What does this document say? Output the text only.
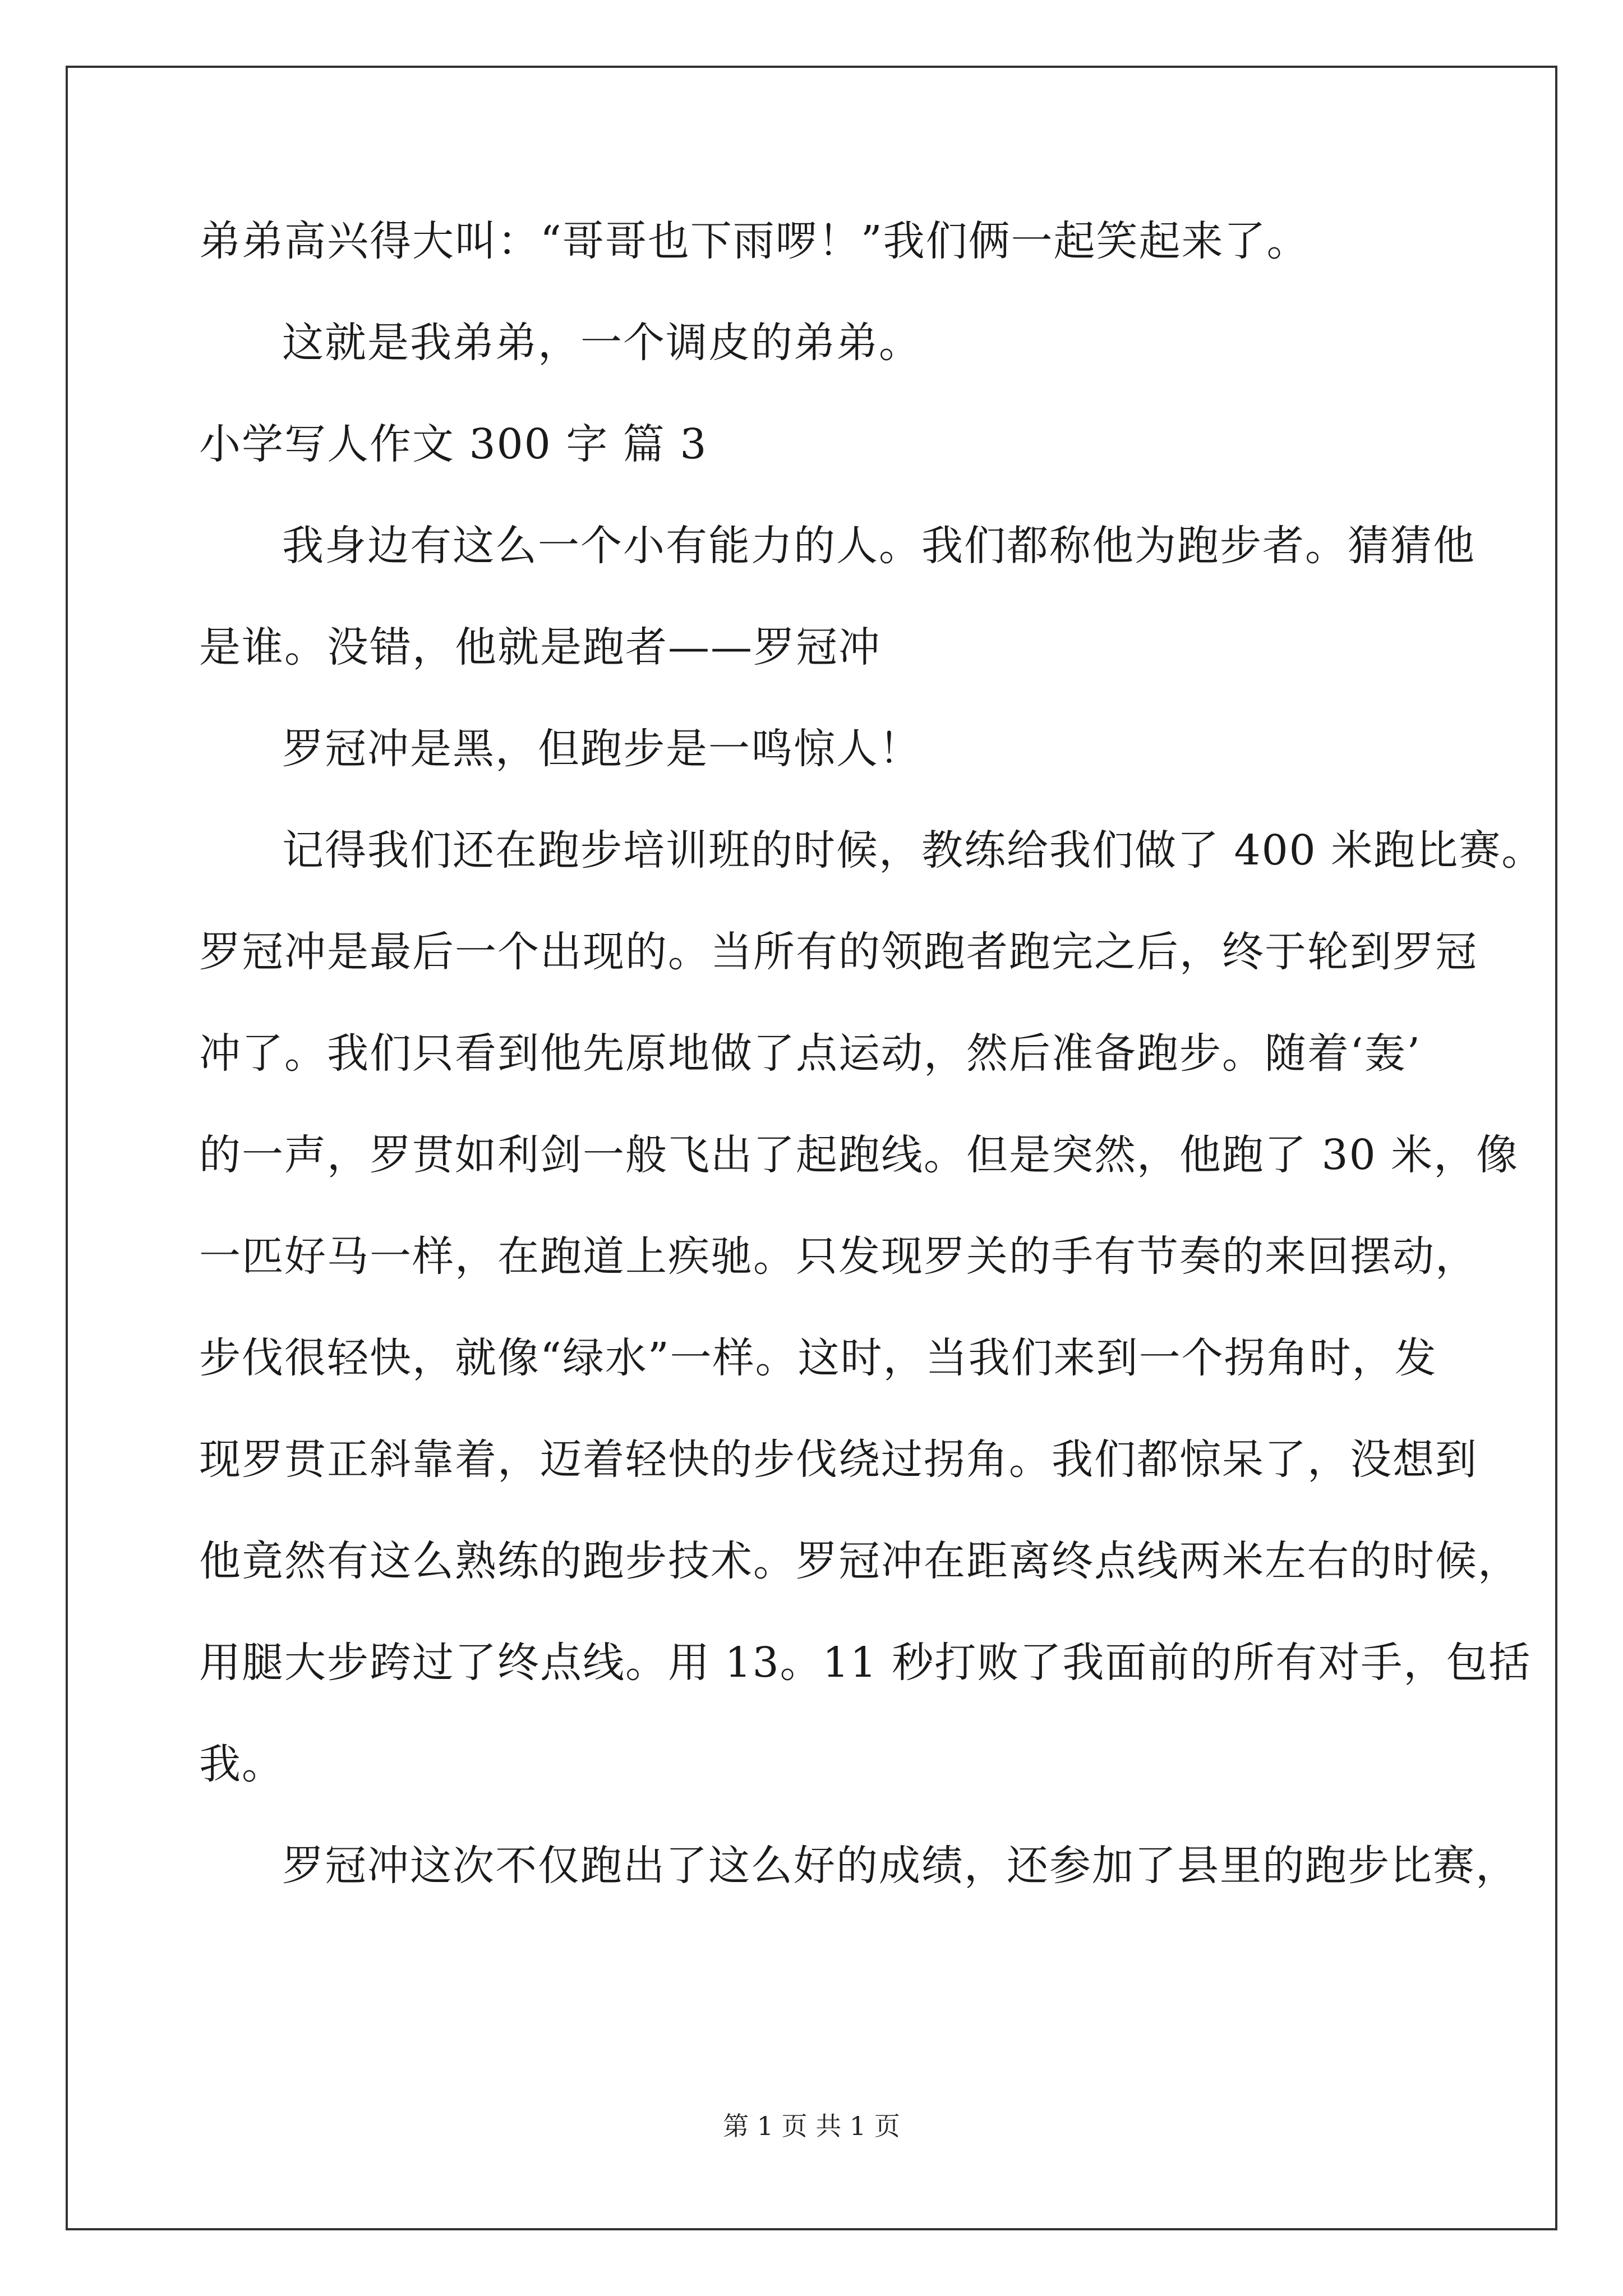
弟弟高兴得大叫：“哥哥也下雨啰！”我们俩一起笑起来了。
这就是我弟弟，一个调皮的弟弟。
小学写人作文 300 字 篇 3
我身边有这么一个小有能力的人。我们都称他为跑步者。猜猜他
是谁。没错，他就是跑者——罗冠冲
罗冠冲是黑，但跑步是一鸣惊人！
记得我们还在跑步培训班的时候，教练给我们做了 400 米跑比赛。
罗冠冲是最后一个出现的。当所有的领跑者跑完之后，终于轮到罗冠
冲了。我们只看到他先原地做了点运动，然后准备跑步。随着‘轰’
的一声，罗贯如利剑一般飞出了起跑线。但是突然，他跑了 30 米，像
一匹好马一样，在跑道上疾驰。只发现罗关的手有节奏的来回摆动，
步伐很轻快，就像“绿水”一样。这时，当我们来到一个拐角时，发
现罗贯正斜靠着，迈着轻快的步伐绕过拐角。我们都惊呆了，没想到
他竟然有这么熟练的跑步技术。罗冠冲在距离终点线两米左右的时候，
用腿大步跨过了终点线。用 13。11 秒打败了我面前的所有对手，包括
我。
罗冠冲这次不仅跑出了这么好的成绩，还参加了县里的跑步比赛，
第 1 页 共 1 页
